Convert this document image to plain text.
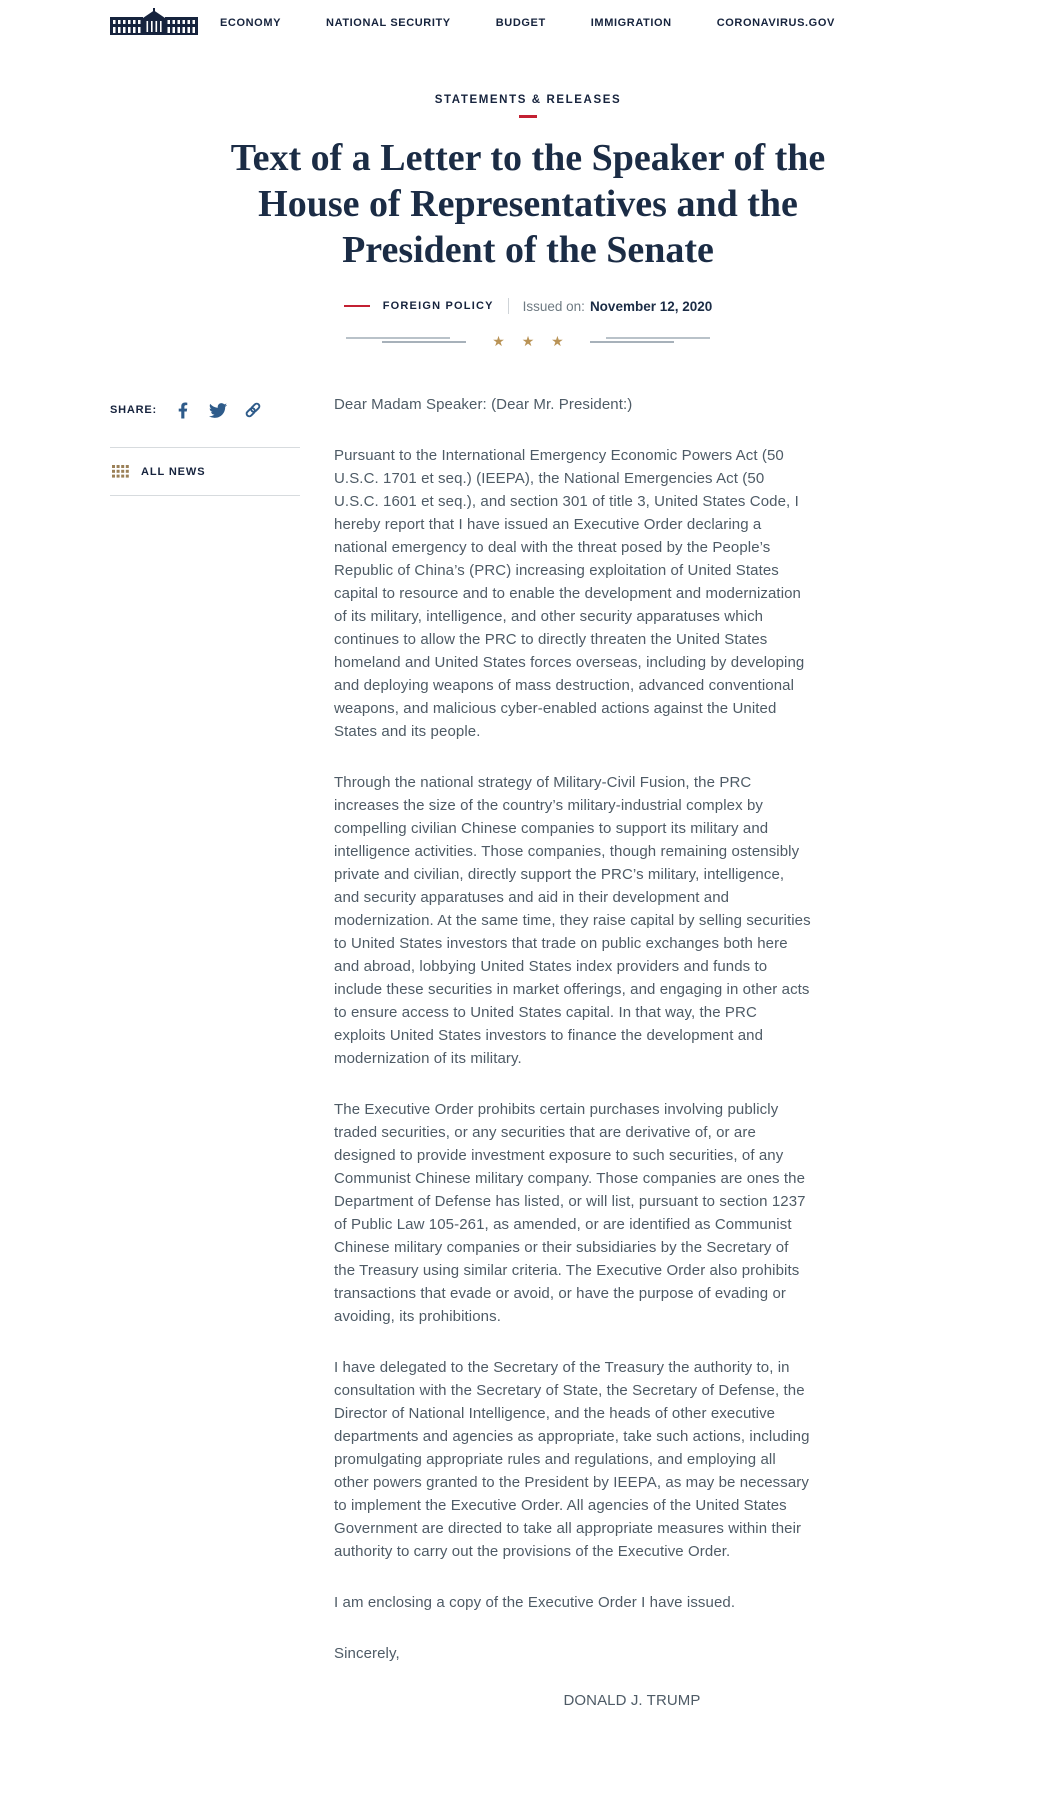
ECONOMY	NATIONAL SECURITY	BUDGET	IMMIGRATION	CORONAVIRUS.GOV
STATEMENTS & RELEASES
Text of a Letter to the Speaker of the House of Representatives and the President of the Senate
FOREIGN POLICY Issued on: November 12, 2020
★ ★ ★
SHARE:
ALL NEWS

Dear Madam Speaker: (Dear Mr. President:)

Pursuant to the International Emergency Economic Powers Act (50 U.S.C. 1701 et seq.) (IEEPA), the National Emergencies Act (50 U.S.C. 1601 et seq.), and section 301 of title 3, United States Code, I hereby report that I have issued an Executive Order declaring a national emergency to deal with the threat posed by the People’s Republic of China’s (PRC) increasing exploitation of United States capital to resource and to enable the development and modernization of its military, intelligence, and other security apparatuses which continues to allow the PRC to directly threaten the United States homeland and United States forces overseas, including by developing and deploying weapons of mass destruction, advanced conventional weapons, and malicious cyber-enabled actions against the United States and its people.

Through the national strategy of Military-Civil Fusion, the PRC increases the size of the country’s military-industrial complex by compelling civilian Chinese companies to support its military and intelligence activities. Those companies, though remaining ostensibly private and civilian, directly support the PRC’s military, intelligence, and security apparatuses and aid in their development and modernization. At the same time, they raise capital by selling securities to United States investors that trade on public exchanges both here and abroad, lobbying United States index providers and funds to include these securities in market offerings, and engaging in other acts to ensure access to United States capital. In that way, the PRC exploits United States investors to finance the development and modernization of its military.

The Executive Order prohibits certain purchases involving publicly traded securities, or any securities that are derivative of, or are designed to provide investment exposure to such securities, of any Communist Chinese military company. Those companies are ones the Department of Defense has listed, or will list, pursuant to section 1237 of Public Law 105-261, as amended, or are identified as Communist Chinese military companies or their subsidiaries by the Secretary of the Treasury using similar criteria. The Executive Order also prohibits transactions that evade or avoid, or have the purpose of evading or avoiding, its prohibitions.

I have delegated to the Secretary of the Treasury the authority to, in consultation with the Secretary of State, the Secretary of Defense, the Director of National Intelligence, and the heads of other executive departments and agencies as appropriate, take such actions, including promulgating appropriate rules and regulations, and employing all other powers granted to the President by IEEPA, as may be necessary to implement the Executive Order. All agencies of the United States Government are directed to take all appropriate measures within their authority to carry out the provisions of the Executive Order.

I am enclosing a copy of the Executive Order I have issued.

Sincerely,

DONALD J. TRUMP
